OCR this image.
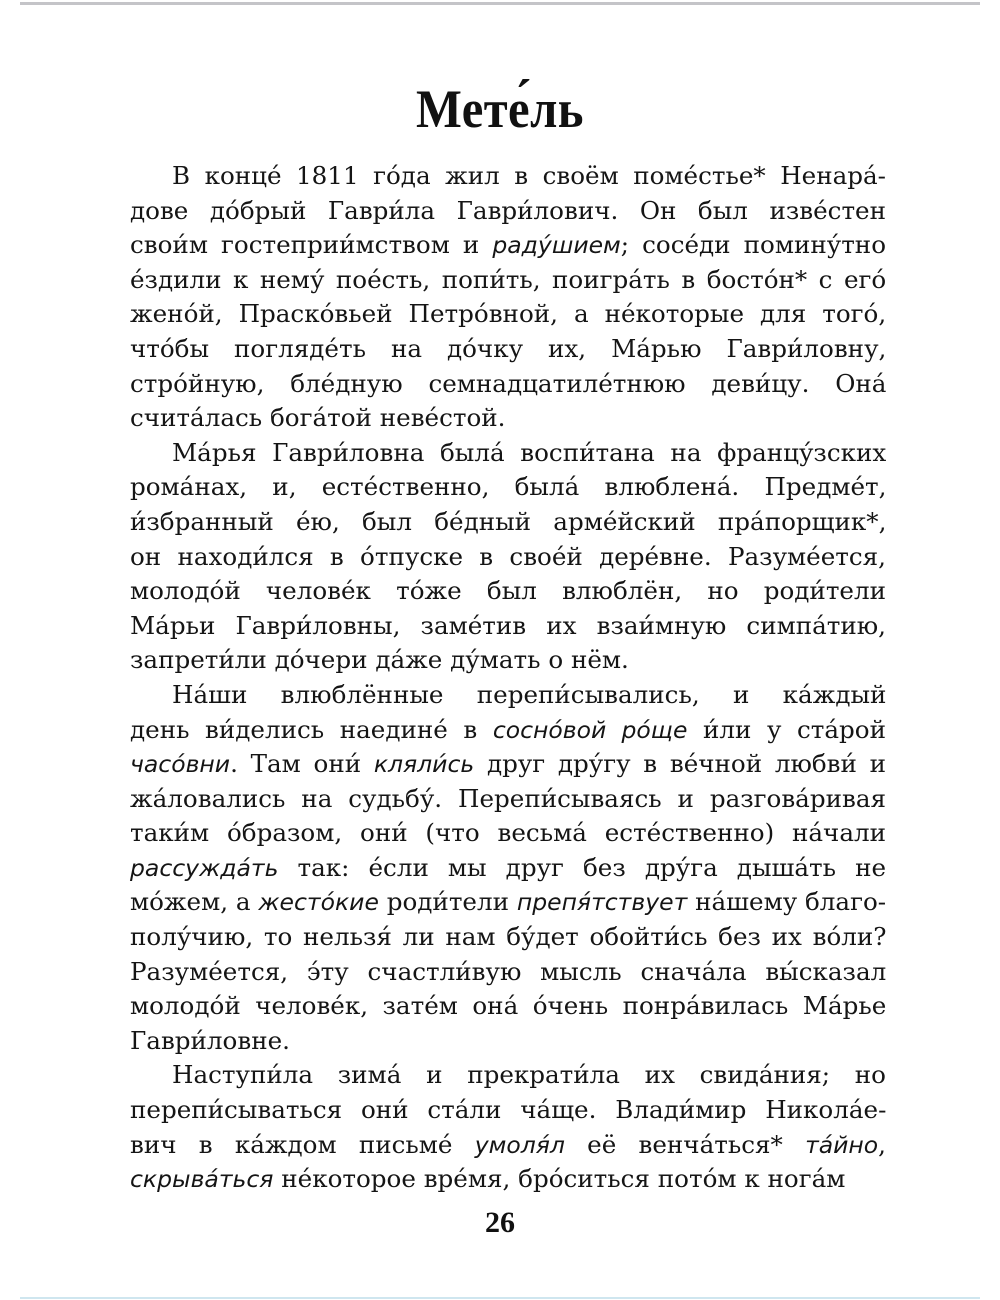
Мете́ль
В конце́ 1811 го́да жил в своём поме́стье* Ненара́-
дове до́брый Гаври́ла Гаври́лович. Он был изве́стен
свои́м гостеприи́мством и раду́шием; сосе́ди помину́тно
е́здили к нему́ пое́сть, попи́ть, поигра́ть в босто́н* с его́
жено́й, Праско́вьей Петро́вной, а не́которые для того́,
что́бы погляде́ть на до́чку их, Ма́рью Гаври́ловну,
стро́йную, бле́дную семнадцатиле́тнюю деви́цу. Она́
счита́лась бога́той неве́стой.
Ма́рья Гаври́ловна была́ воспи́тана на францу́зских
рома́нах, и, есте́ственно, была́ влюблена́. Предме́т,
и́збранный е́ю, был бе́дный арме́йский пра́порщик*,
он находи́лся в о́тпуске в свое́й дере́вне. Разуме́ется,
молодо́й челове́к то́же был влюблён, но роди́тели
Ма́рьи Гаври́ловны, заме́тив их взаи́мную симпа́тию,
запрети́ли до́чери да́же ду́мать о нём.
На́ши влюблённые перепи́сывались, и ка́ждый
день ви́делись наедине́ в сосно́вой ро́ще и́ли у ста́рой
часо́вни. Там они́ кляли́сь друг дру́гу в ве́чной любви́ и
жа́ловались на судьбу́. Перепи́сываясь и разгова́ривая
таки́м о́бразом, они́ (что весьма́ есте́ственно) на́чали
рассужда́ть так: е́сли мы друг без дру́га дыша́ть не
мо́жем, а жесто́кие роди́тели препя́тствует на́шему благо-
полу́чию, то нельзя́ ли нам бу́дет обойти́сь без их во́ли?
Разуме́ется, э́ту счастли́вую мысль снача́ла вы́сказал
молодо́й челове́к, зате́м она́ о́чень понра́вилась Ма́рье
Гаври́ловне.
Наступи́ла зима́ и прекрати́ла их свида́ния; но
перепи́сываться они́ ста́ли ча́ще. Влади́мир Никола́е-
вич в ка́ждом письме́ умоля́л её венча́ться* та́йно,
скрыва́ться не́которое вре́мя, бро́ситься пото́м к нога́м
26
